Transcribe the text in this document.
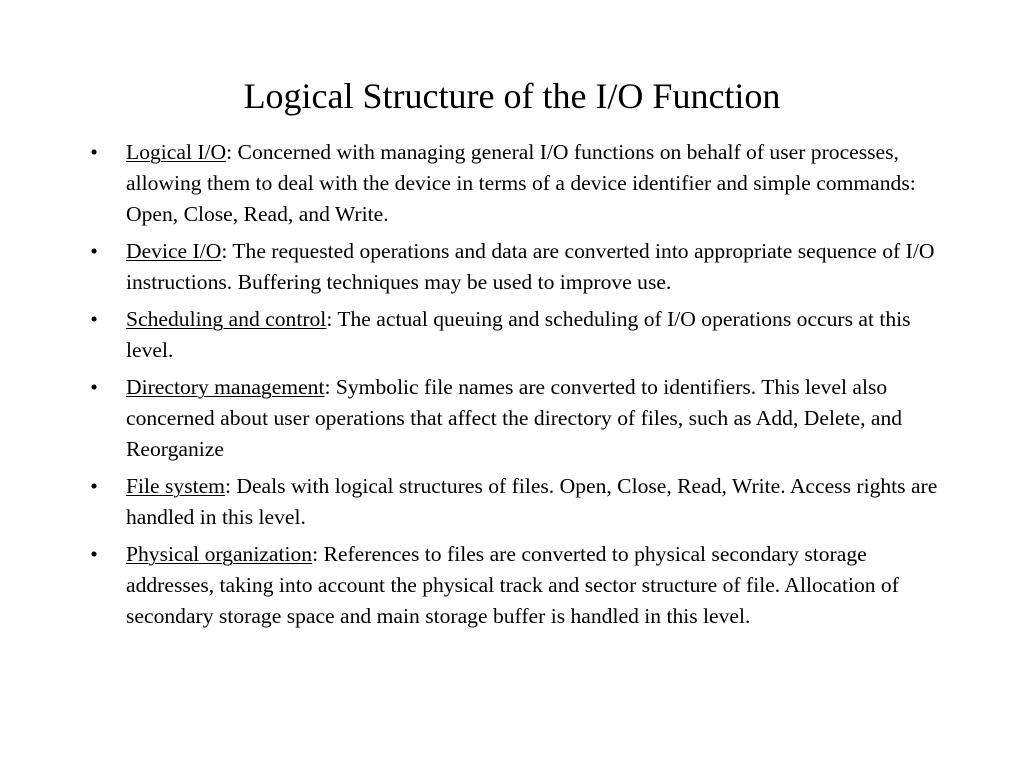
Logical Structure of the I/O Function
• Logical I/O: Concerned with managing general I/O functions on behalf of user processes, allowing them to deal with the device in terms of a device identifier and simple commands: Open, Close, Read, and Write.
• Device I/O: The requested operations and data are converted into appropriate sequence of I/O instructions. Buffering techniques may be used to improve use.
• Scheduling and control: The actual queuing and scheduling of I/O operations occurs at this level.
• Directory management: Symbolic file names are converted to identifiers. This level also concerned about user operations that affect the directory of files, such as Add, Delete, and Reorganize
• File system: Deals with logical structures of files. Open, Close, Read, Write. Access rights are handled in this level.
• Physical organization: References to files are converted to physical secondary storage addresses, taking into account the physical track and sector structure of file. Allocation of secondary storage space and main storage buffer is handled in this level.
